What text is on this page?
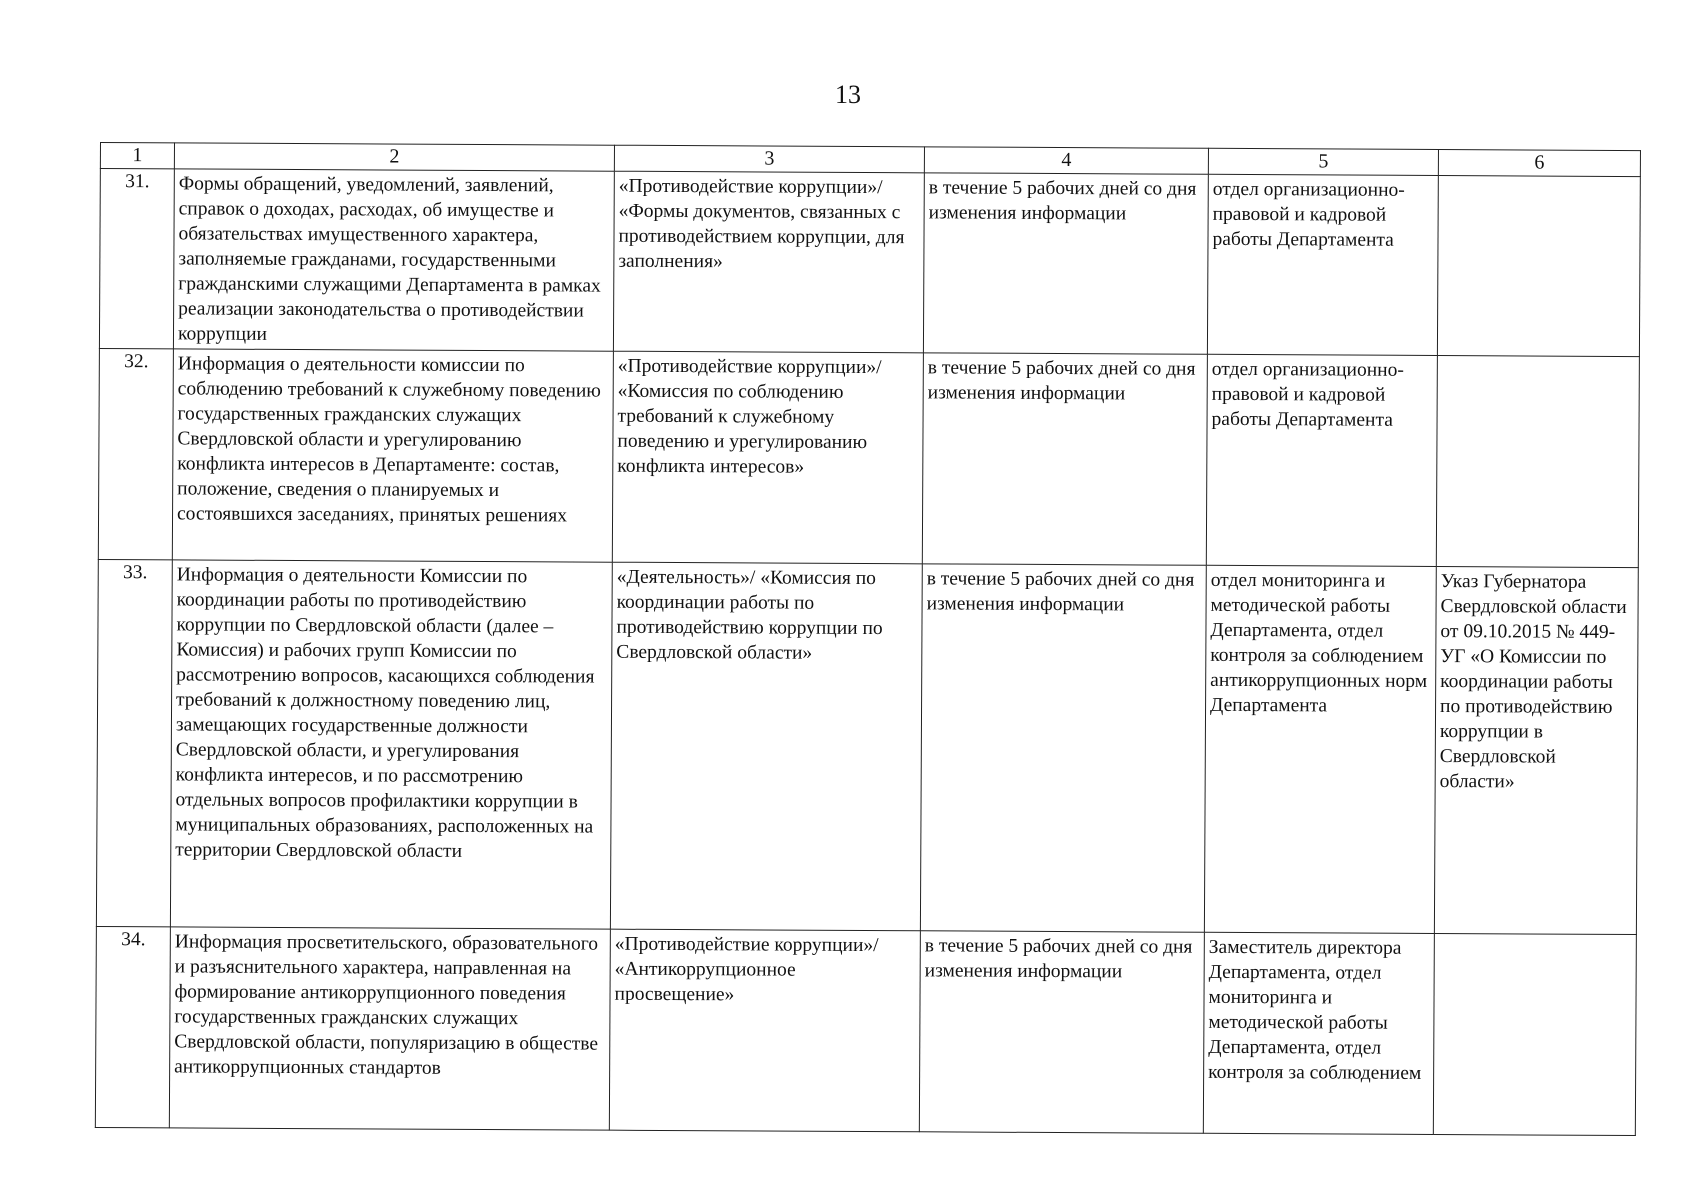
13
1	2	3	4	5	6
31.	Формы обращений, уведомлений, заявлений, справок о доходах, расходах, об имуществе и обязательствах имущественного характера, заполняемые гражданами, государственными гражданскими служащими Департамента в рамках реализации законодательства о противодействии коррупции	«Противодействие коррупции»/ «Формы документов, связанных с противодействием коррупции, для заполнения»	в течение 5 рабочих дней со дня изменения информации	отдел организационно-правовой и кадровой работы Департамента	
32.	Информация о деятельности комиссии по соблюдению требований к служебному поведению государственных гражданских служащих Свердловской области и урегулированию конфликта интересов в Департаменте: состав, положение, сведения о планируемых и состоявшихся заседаниях, принятых решениях	«Противодействие коррупции»/ «Комиссия по соблюдению требований к служебному поведению и урегулированию конфликта интересов»	в течение 5 рабочих дней со дня изменения информации	отдел организационно-правовой и кадровой работы Департамента	
33.	Информация о деятельности Комиссии по координации работы по противодействию коррупции по Свердловской области (далее – Комиссия) и рабочих групп Комиссии по рассмотрению вопросов, касающихся соблюдения требований к должностному поведению лиц, замещающих государственные должности Свердловской области, и урегулирования конфликта интересов, и по рассмотрению отдельных вопросов профилактики коррупции в муниципальных образованиях, расположенных на территории Свердловской области	«Деятельность»/ «Комиссия по координации работы по противодействию коррупции по Свердловской области»	в течение 5 рабочих дней со дня изменения информации	отдел мониторинга и методической работы Департамента, отдел контроля за соблюдением антикоррупционных норм Департамента	Указ Губернатора Свердловской области от 09.10.2015 № 449-УГ «О Комиссии по координации работы по противодействию коррупции в Свердловской области»
34.	Информация просветительского, образовательного и разъяснительного характера, направленная на формирование антикоррупционного поведения государственных гражданских служащих Свердловской области, популяризацию в обществе антикоррупционных стандартов	«Противодействие коррупции»/ «Антикоррупционное просвещение»	в течение 5 рабочих дней со дня изменения информации	Заместитель директора Департамента, отдел мониторинга и методической работы Департамента, отдел контроля за соблюдением	
